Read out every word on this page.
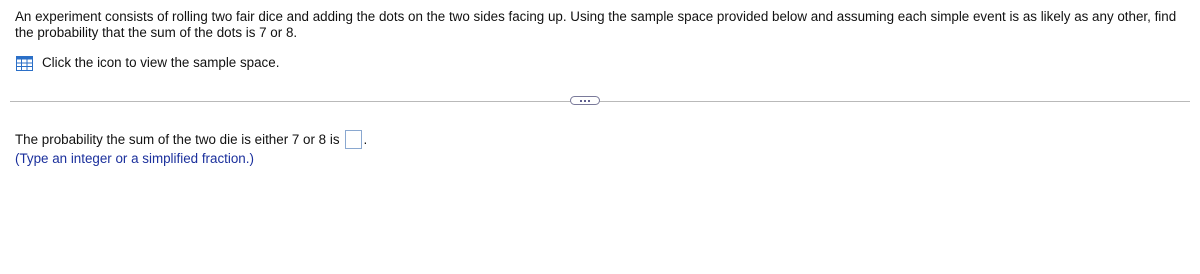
An experiment consists of rolling two fair dice and adding the dots on the two sides facing up. Using the sample space provided below and assuming each simple event is as likely as any other, find the probability that the sum of the dots is 7 or 8.

Click the icon to view the sample space.
The probability the sum of the two die is either 7 or 8 is .
(Type an integer or a simplified fraction.)
